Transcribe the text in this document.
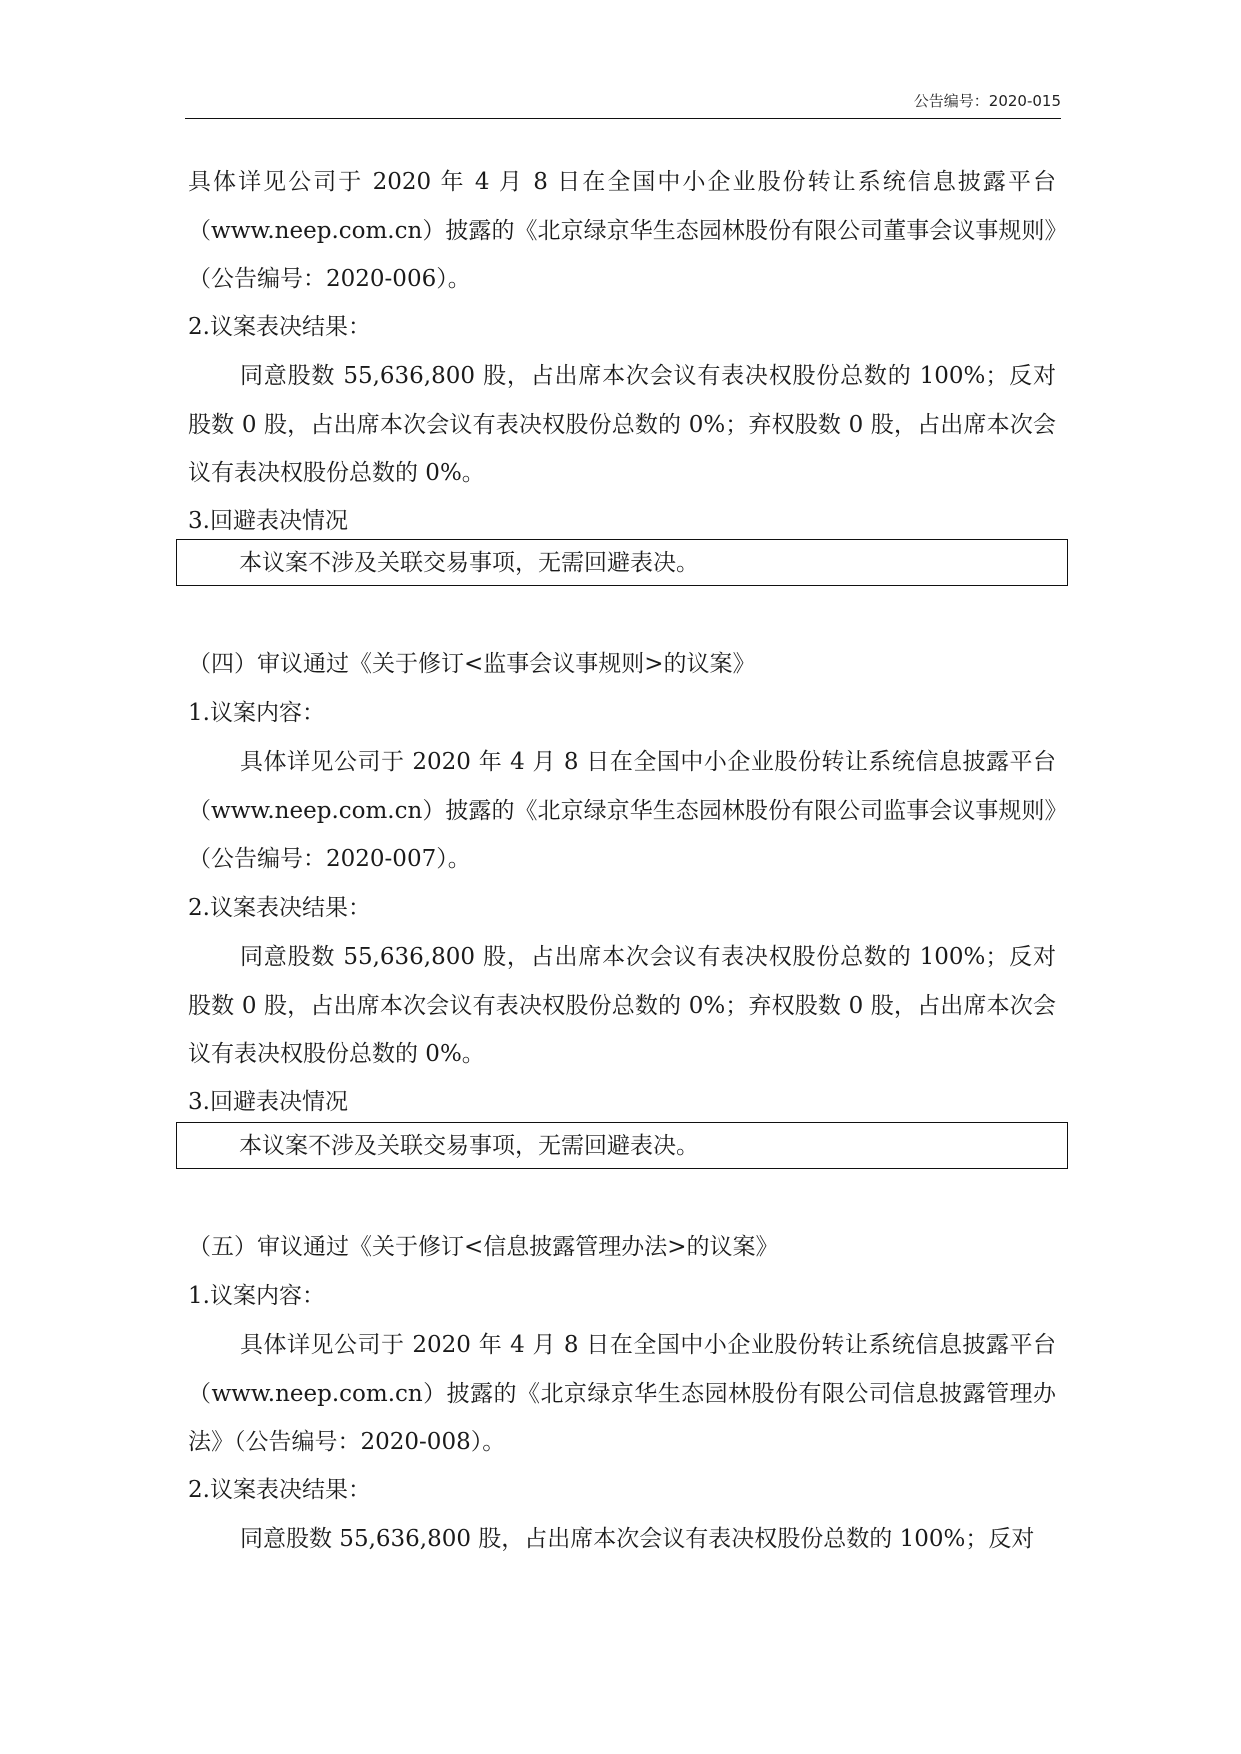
公告编号：2020-015

具体详见公司于 2020 年 4 月 8 日在全国中小企业股份转让系统信息披露平台（www.neep.com.cn）披露的《北京绿京华生态园林股份有限公司董事会议事规则》（公告编号：2020-006）。

2.议案表决结果：

同意股数 55,636,800 股，占出席本次会议有表决权股份总数的 100%；反对股数 0 股，占出席本次会议有表决权股份总数的 0%；弃权股数 0 股，占出席本次会议有表决权股份总数的 0%。

3.回避表决情况

本议案不涉及关联交易事项，无需回避表决。

（四）审议通过《关于修订<监事会议事规则>的议案》

1.议案内容：

具体详见公司于 2020 年 4 月 8 日在全国中小企业股份转让系统信息披露平台（www.neep.com.cn）披露的《北京绿京华生态园林股份有限公司监事会议事规则》（公告编号：2020-007）。

2.议案表决结果：

同意股数 55,636,800 股，占出席本次会议有表决权股份总数的 100%；反对股数 0 股，占出席本次会议有表决权股份总数的 0%；弃权股数 0 股，占出席本次会议有表决权股份总数的 0%。

3.回避表决情况

本议案不涉及关联交易事项，无需回避表决。

（五）审议通过《关于修订<信息披露管理办法>的议案》

1.议案内容：

具体详见公司于 2020 年 4 月 8 日在全国中小企业股份转让系统信息披露平台（www.neep.com.cn）披露的《北京绿京华生态园林股份有限公司信息披露管理办法》（公告编号：2020-008）。

2.议案表决结果：

同意股数 55,636,800 股，占出席本次会议有表决权股份总数的 100%；反对
